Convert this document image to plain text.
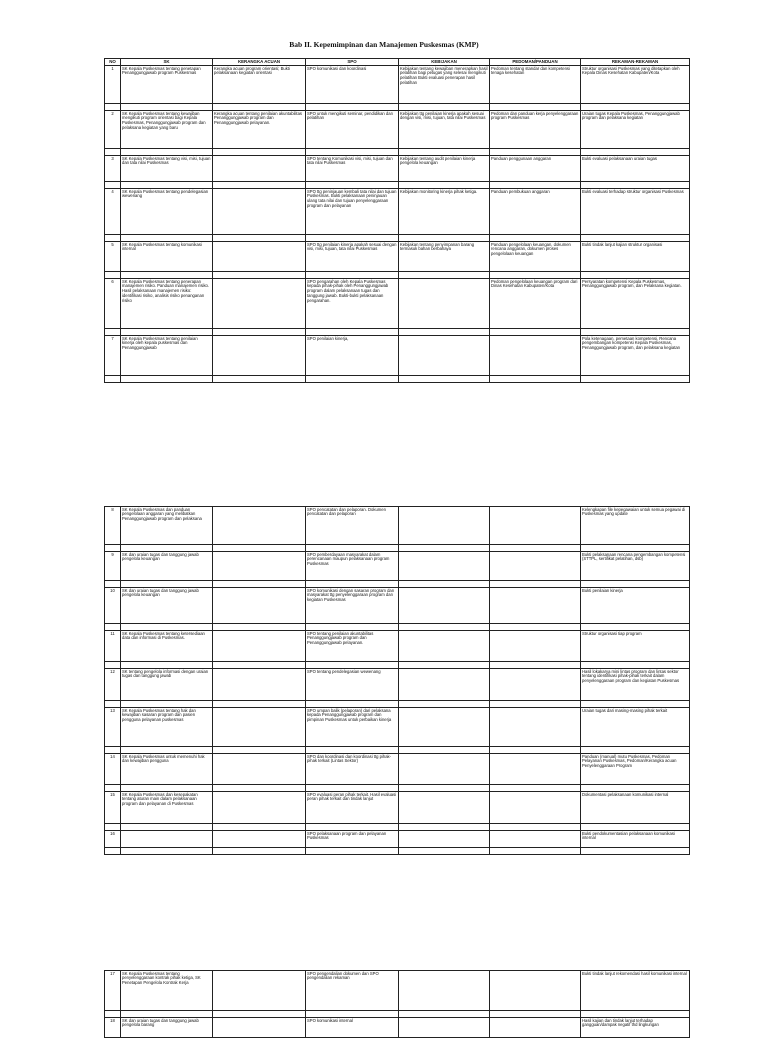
Bab II. Kepemimpinan dan Manajemen Puskesmas (KMP)
NO	SK	KERANGKA ACUAN	SPO	KEBIJAKAN	PEDOMAN/PANDUAN	REKAMAN-REKAMAN
1	SK Kepala Puskesmas tentang penetapan Penanggungjawab program Puskesmas	Kerangka acuan program orientasi; Bukti pelaksanaan kegiatan orientasi	SPO komunikasi dan koordinasi	Kebijakan tentang kewajiban menerapkan hasil pelatihan bagi petugas yang selesai mengikuti pelatihan Bukti evaluasi penerapan hasil pelatihan	Pedoman tentang standar dan kompetensi tenaga kesehatan	Struktur organisasi Puskesmas yang ditetapkan oleh Kepala Dinas Kesehatan Kabupaten/Kota

2	SK Kepala Puskesmas tentang kewajiban mengikuti program orientasi bagi Kepala Puskesmas, Penanggungjawab program dan pelaksana kegiatan yang baru	Kerangka acuan tentang penilaian akuntabilitas Penanggungjawab program dan Penanggungjawab pelayanan.	SPO untuk mengikuti seminar, pendidikan dan pelatihan	Kebijakan ttg penilaian kinerja apakah sesuai dengan visi, misi, tujuan, tata nilai Puskesmas	Pedoman dan panduan kerja penyelenggaraan program Puskesmas	Uraian tugas Kepala Puskesmas, Penanggungjawab program dan pelaksana kegiatan

3	SK Kepala Puskesmas tentang visi, misi, tujuan dan tata nilai Puskesmas		SPO tentang Komunikasi visi, misi, tujuan dan tata nilai Puskesmas	Kebijakan tentang audit penilaian kinerja pengelola keuangan	Panduan penggunaan anggaran	Bukti evaluasi pelaksanaan uraian tugas

4	SK Kepala Puskesmas tentang pendelegasian wewenang		SPO ttg peninjauan kembali tata nilai dan tujuan Puskesmas. Bukti pelaksanaan peninjauan ulang tata nilai dan tujuan penyelenggaraan program dan pelayanan	Kebijakan monitoring kinerja pihak ketiga.	Panduan pembukuan anggaran	Bukti evaluasi terhadap struktur organisasi Puskesmas

5	SK Kepala Puskesmas tentang komunikasi internal		SPO ttg penilaian kinerja apakah sesuai dengan visi, misi, tujuan, tata nilai Puskesmas	Kebijakan tentang penyimpanan barang termasuk bahan berbahaya	Panduan pengelolaan keuangan, dokumen rencana anggaran, dokumen proses pengelolaan keuangan	Bukti tindak lanjut kajian struktur organisasi

6	SK Kepala Puskesmas tentang penerapan manajemen risiko. Panduan manajemen risiko. Hasil pelaksanaan manajemen risiko: identifikasi risiko, analisis risiko penanganan risiko		SPO pengarahan oleh Kepala Puskesmas kepada pihak-pihak oleh Penanggungjawab program dalam pelaksanaan tugas dan tanggung jawab. Bukti-bukti pelaksanaan pengarahan.		Pedoman pengelolaan keuangan program dari Dinas Kesehatan Kabupaten/Kota	Persyaratan kompetensi Kepala Puskesmas, Penanggungjawab program, dan Pelaksana kegiatan.

7	SK Kepala Puskesmas tentang penilaian kinerja oleh kepala puskesmas dan Penanggungjawab		SPO penilaian kinerja,			Pola ketenagaan, pemetaan kompetensi, Rencana pengembangan kompetensi Kepala Puskesmas, Penanggungjawab program, dan pelaksana kegiatan

8	SK Kepala Puskesmas dan panduan pengelolaan anggaran yang melibatkan Penanggungjawab program dan pelaksana		SPO pencatatan dan pelaporan. Dokumen pencatatan dan pelaporan			Kelengkapan file kepegawaian untuk semua pegawai di Puskesmas yang update

9	SK dan uraian tugas dan tanggung jawab pengelola keuangan		SPO pemberdayaan masyarakat dalam perencanaan maupun pelaksanaan program Puskesmas			Bukti pelaksanaan rencana pengembangan kompetensi (STTPL, sertifikat pelatihan, dsb)

10	SK dan uraian tugas dan tanggung jawab pengelola keuangan		SPO komunikasi dengan sasaran program dan masyarakat ttg penyelenggaraan program dan kegiatan Puskesmas			Bukti penilaian kinerja

11	SK Kepala Puskesmas tentang ketersediaan data dan informasi di Puskesmas.		SPO tentang penilaian akuntabilitas Penanggungjawab program dan Penanggungjawab pelayanan.			Struktur organisasi tiap program

12	SK tentang pengelola informasi dengan uraian tugas dan tanggung jawab		SPO tentang pendelegasian wewenang			Hasil lokakarya mini lintas program dan lintas sektor tentang identifikasi pihak-pihak terkait dalam penyelenggaraan program dan kegiatan Puskesmas

13	SK Kepala Puskesmas tentang hak dan kewajiban sasaran program dan pasien pengguna pelayanan puskesmas		SPO umpan balik (pelaporan) dari pelaksana kepada Penanggungjawab program dan pimpinan Puskesmas untuk perbaikan kinerja			Uraian tugas dari masing-masing pihak terkait

14	SK Kepala Puskesmas untuk memenuhi hak dan kewajiban pengguna		SPO dan koordinasi dan koordinasi ttg pihak-pihak terkait (Lintas Sektor)			Panduan (manual) mutu Puskesmas, Pedoman Pelayanan Puskesmas, Pedoman/Kerangka acuan Penyelenggaraan Program

15	SK Kepala Puskesmas dan kesepakatan tentang aturan main dalam pelaksanaan program dan pelayanan di Puskesmas		SPO evaluasi peran pihak terkait. Hasil evaluasi peran pihak terkait dan tindak lanjut			Dokumentasi pelaksanaan komunikasi internal

16			SPO pelaksanaan program dan pelayanan Puskesmas			Bukti pendokumentasian pelaksanaan komunikasi internal

17	SK Kepala Puskesmas tentang penyelenggaraan kontrak pihak ketiga, SK Penetapan Pengelola Kontrak Kerja		SPO pengendalian dokumen dan SPO pengendalian rekaman			Bukti tindak lanjut rekomendasi hasil komunikasi internal

18	SK dan uraian tugas dan tanggung jawab pengelola barang		SPO komunikasi internal			Hasil kajian dan tindak lanjut terhadap gangguan/dampak negatif thd lingkungan
